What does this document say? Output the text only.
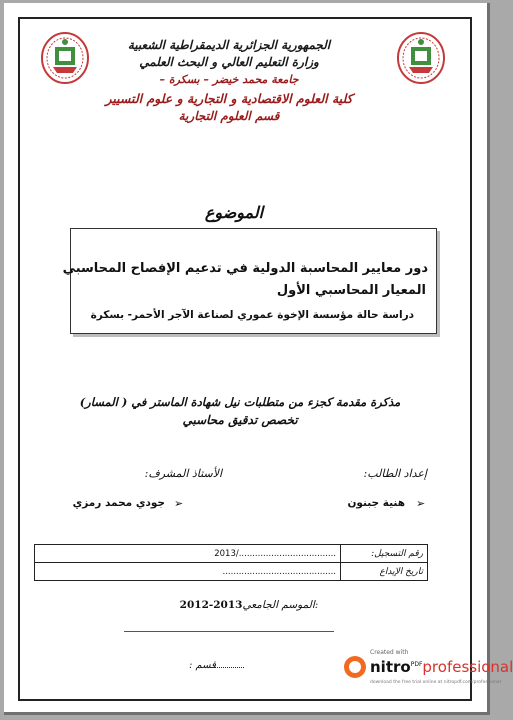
الجمهورية الجزائرية الديمقراطية الشعبية
وزارة التعليم العالي و البحث العلمي
جامعة محمد خيضر – بسكرة –
كلية العلوم الاقتصادية و التجارية و علوم التسيير
قسم العلوم التجارية
الموضوع
دور معايير المحاسبة الدولية في تدعيم الإفصاح المحاسبي
المعيار المحاسبي الأول
دراسة حالة مؤسسة الإخوة عموري لصناعة الآجر الأحمر- بسكرة
مذكرة مقدمة كجزء من متطلبات نيل شهادة الماستر في ( المسار)
تخصص تدقيق محاسبي
إعداد الطالب:
الأستاذ المشرف:
➢
هنية جبنون
➢
جودي محمد رمزي
..................................../2013	رقم التسجيل:
..........................................	تاريخ الإيداع
2012-2013الموسم الجامعي:
قسم :
Created with
nitro$^{PDF}$professional
download the free trial online at nitropdf.com/professional
